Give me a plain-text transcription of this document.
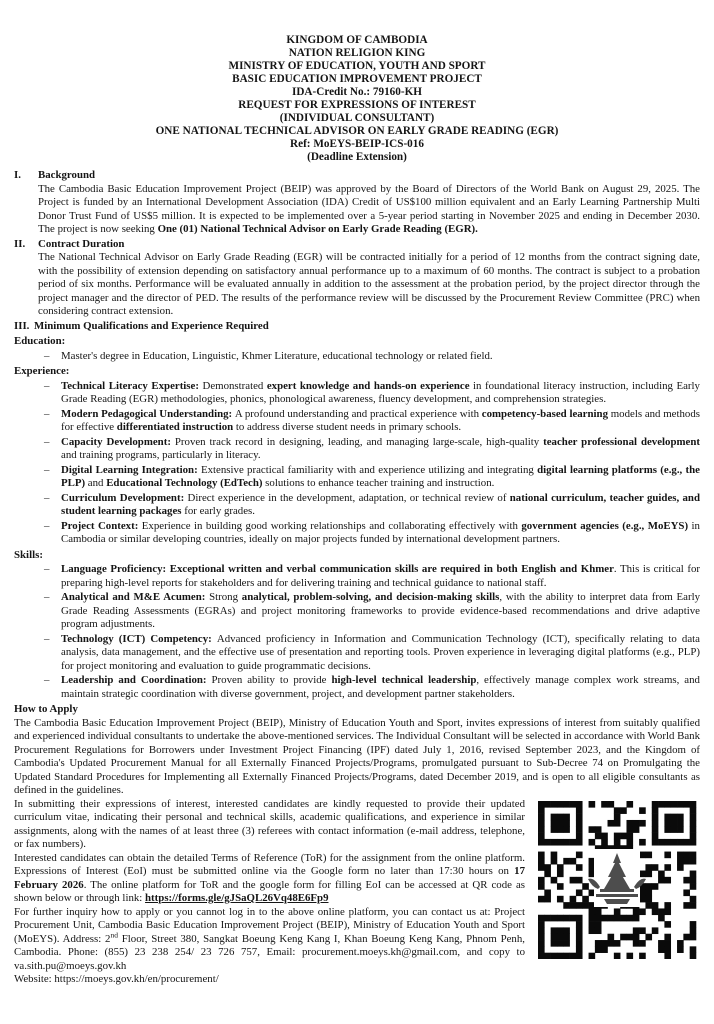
KINGDOM OF CAMBODIA
NATION RELIGION KING
MINISTRY OF EDUCATION, YOUTH AND SPORT
BASIC EDUCATION IMPROVEMENT PROJECT
IDA-Credit No.: 79160-KH
REQUEST FOR EXPRESSIONS OF INTEREST
(INDIVIDUAL CONSULTANT)
ONE NATIONAL TECHNICAL ADVISOR ON EARLY GRADE READING (EGR)
Ref: MoEYS-BEIP-ICS-016
(Deadline Extension)
I.	Background
The Cambodia Basic Education Improvement Project (BEIP) was approved by the Board of Directors of the World Bank on August 29, 2025. The Project is funded by an International Development Association (IDA) Credit of US$100 million equivalent and an Early Learning Partnership Multi Donor Trust Fund of US$5 million. It is expected to be implemented over a 5-year period starting in November 2025 and ending in December 2030. The project is now seeking One (01) National Technical Advisor on Early Grade Reading (EGR).
II.	Contract Duration
The National Technical Advisor on Early Grade Reading (EGR) will be contracted initially for a period of 12 months from the contract signing date, with the possibility of extension depending on satisfactory annual performance up to a maximum of 60 months. The contract is subject to a probation period of six months. Performance will be evaluated annually in addition to the assessment at the probation period, by the project director through the project manager and the director of PED. The results of the performance review will be discussed by the Procurement Review Committee (PRC) when considering contract extension.
III. Minimum Qualifications and Experience Required
Education:
–	Master's degree in Education, Linguistic, Khmer Literature, educational technology or related field.
Experience:
–	Technical Literacy Expertise: Demonstrated expert knowledge and hands-on experience in foundational literacy instruction, including Early Grade Reading (EGR) methodologies, phonics, phonological awareness, fluency development, and comprehension strategies.
–	Modern Pedagogical Understanding: A profound understanding and practical experience with competency-based learning models and methods for effective differentiated instruction to address diverse student needs in primary schools.
–	Capacity Development: Proven track record in designing, leading, and managing large-scale, high-quality teacher professional development and training programs, particularly in literacy.
–	Digital Learning Integration: Extensive practical familiarity with and experience utilizing and integrating digital learning platforms (e.g., the PLP) and Educational Technology (EdTech) solutions to enhance teacher training and instruction.
–	Curriculum Development: Direct experience in the development, adaptation, or technical review of national curriculum, teacher guides, and student learning packages for early grades.
–	Project Context: Experience in building good working relationships and collaborating effectively with government agencies (e.g., MoEYS) in Cambodia or similar developing countries, ideally on major projects funded by international development partners.
Skills:
–	Language Proficiency: Exceptional written and verbal communication skills are required in both English and Khmer. This is critical for preparing high-level reports for stakeholders and for delivering training and technical guidance to national staff.
–	Analytical and M&E Acumen: Strong analytical, problem-solving, and decision-making skills, with the ability to interpret data from Early Grade Reading Assessments (EGRAs) and project monitoring frameworks to provide evidence-based recommendations and drive adaptive program adjustments.
–	Technology (ICT) Competency: Advanced proficiency in Information and Communication Technology (ICT), specifically relating to data analysis, data management, and the effective use of presentation and reporting tools. Proven experience in leveraging digital platforms (e.g., PLP) for project monitoring and evaluation to guide programmatic decisions.
–	Leadership and Coordination: Proven ability to provide high-level technical leadership, effectively manage complex work streams, and maintain strategic coordination with diverse government, project, and development partner stakeholders.
How to Apply

The Cambodia Basic Education Improvement Project (BEIP), Ministry of Education Youth and Sport, invites expressions of interest from suitably qualified and experienced individual consultants to undertake the above-mentioned services. The Individual Consultant will be selected in accordance with World Bank Procurement Regulations for Borrowers under Investment Project Financing (IPF) dated July 1, 2016, revised September 2023, and the Kingdom of Cambodia's Updated Procurement Manual for all Externally Financed Projects/Programs, promulgated pursuant to Sub-Decree 74 on Promulgating the Updated Standard Procedures for Implementing all Externally Financed Projects/Programs, dated December 2019, and is open to all eligible consultants as defined in the guidelines.

In submitting their expressions of interest, interested candidates are kindly requested to provide their updated curriculum vitae, indicating their personal and technical skills, academic qualifications, and experience in similar assignments, along with the names of at least three (3) referees with contact information (e-mail address, telephone, or fax numbers).

Interested candidates can obtain the detailed Terms of Reference (ToR) for the assignment from the online platform. Expressions of Interest (EoI) must be submitted online via the Google form no later than 17:30 hours on 17 February 2026. The online platform for ToR and the google form for filling EoI can be accessed at QR code as shown below or through link: https://forms.gle/gJSaQL26Vq48E6Fp9

For further inquiry how to apply or you cannot log in to the above online platform, you can contact us at: Project Procurement Unit, Cambodia Basic Education Improvement Project (BEIP), Ministry of Education Youth and Sport (MoEYS). Address: 2nd Floor, Street 380, Sangkat Boeung Keng Kang I, Khan Boeung Keng Kang, Phnom Penh, Cambodia. Phone: (855) 23 238 254/ 23 726 757, Email: procurement.moeys.kh@gmail.com, and copy to va.sith.pu@moeys.gov.kh

Website: https://moeys.gov.kh/en/procurement/
